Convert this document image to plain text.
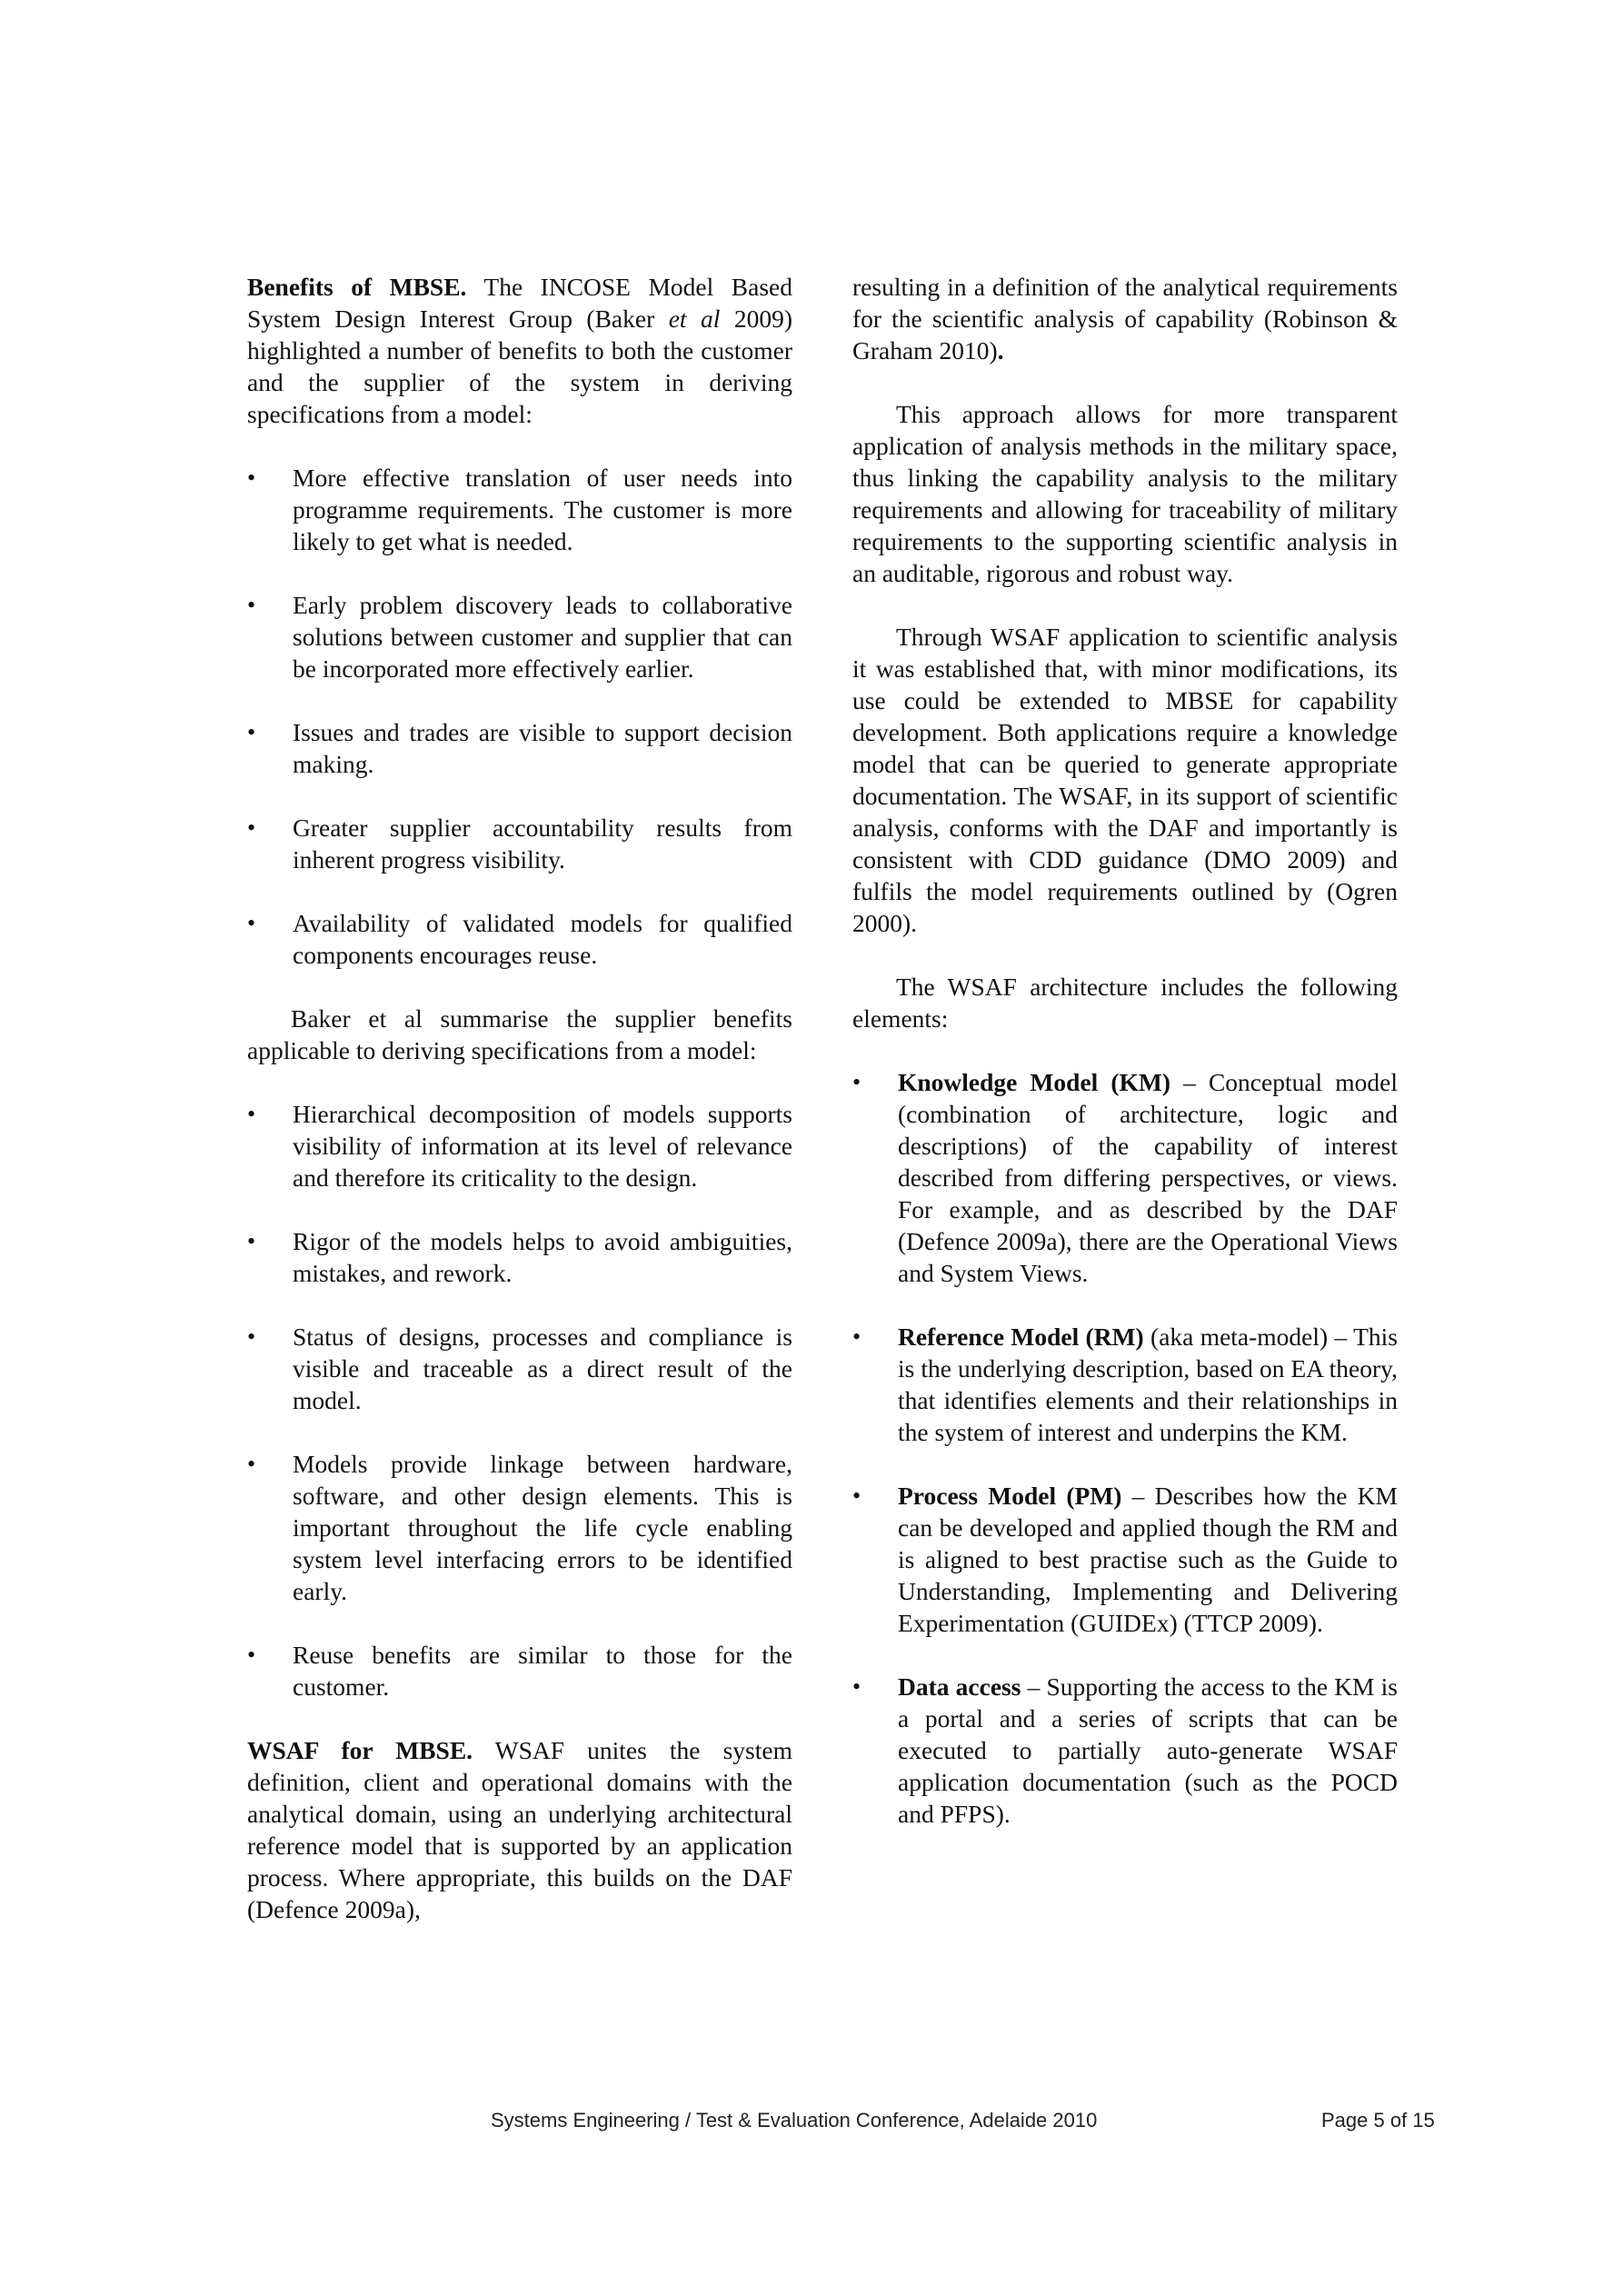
Benefits of MBSE. The INCOSE Model Based System Design Interest Group (Baker et al 2009) highlighted a number of benefits to both the customer and the supplier of the system in deriving specifications from a model:

• More effective translation of user needs into programme requirements. The customer is more likely to get what is needed.
• Early problem discovery leads to collaborative solutions between customer and supplier that can be incorporated more effectively earlier.
• Issues and trades are visible to support decision making.
• Greater supplier accountability results from inherent progress visibility.
• Availability of validated models for qualified components encourages reuse.

Baker et al summarise the supplier benefits applicable to deriving specifications from a model:

• Hierarchical decomposition of models supports visibility of information at its level of relevance and therefore its criticality to the design.
• Rigor of the models helps to avoid ambiguities, mistakes, and rework.
• Status of designs, processes and compliance is visible and traceable as a direct result of the model.
• Models provide linkage between hardware, software, and other design elements. This is important throughout the life cycle enabling system level interfacing errors to be identified early.
• Reuse benefits are similar to those for the customer.

WSAF for MBSE. WSAF unites the system definition, client and operational domains with the analytical domain, using an underlying architectural reference model that is supported by an application process. Where appropriate, this builds on the DAF (Defence 2009a),

resulting in a definition of the analytical requirements for the scientific analysis of capability (Robinson & Graham 2010).

This approach allows for more transparent application of analysis methods in the military space, thus linking the capability analysis to the military requirements and allowing for traceability of military requirements to the supporting scientific analysis in an auditable, rigorous and robust way.

Through WSAF application to scientific analysis it was established that, with minor modifications, its use could be extended to MBSE for capability development. Both applications require a knowledge model that can be queried to generate appropriate documentation. The WSAF, in its support of scientific analysis, conforms with the DAF and importantly is consistent with CDD guidance (DMO 2009) and fulfils the model requirements outlined by (Ogren 2000).

The WSAF architecture includes the following elements:

• Knowledge Model (KM) – Conceptual model (combination of architecture, logic and descriptions) of the capability of interest described from differing perspectives, or views. For example, and as described by the DAF (Defence 2009a), there are the Operational Views and System Views.
• Reference Model (RM) (aka meta-model) – This is the underlying description, based on EA theory, that identifies elements and their relationships in the system of interest and underpins the KM.
• Process Model (PM) – Describes how the KM can be developed and applied though the RM and is aligned to best practise such as the Guide to Understanding, Implementing and Delivering Experimentation (GUIDEx) (TTCP 2009).
• Data access – Supporting the access to the KM is a portal and a series of scripts that can be executed to partially auto-generate WSAF application documentation (such as the POCD and PFPS).
Systems Engineering / Test & Evaluation Conference, Adelaide 2010	Page 5 of 15
